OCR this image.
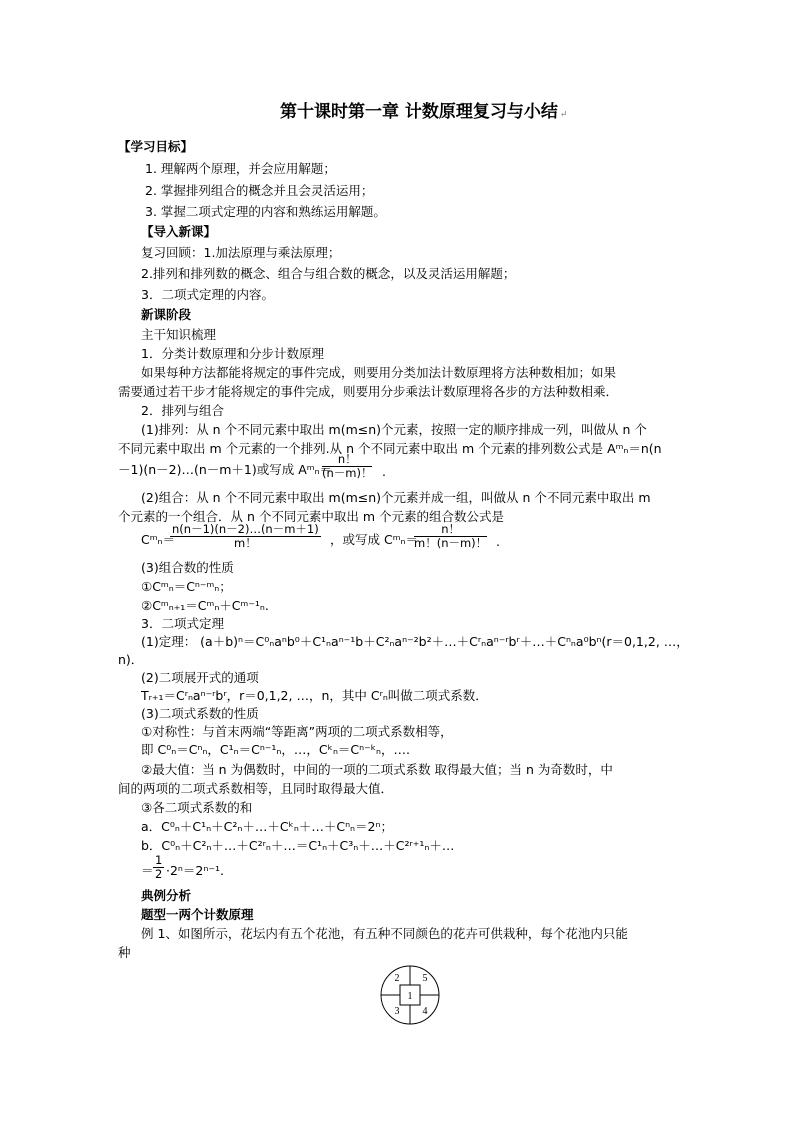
第十课时第一章 计数原理复习与小结 ↵
【学习目标】
1. 理解两个原理，并会应用解题；
2. 掌握排列组合的概念并且会灵活运用；
3. 掌握二项式定理的内容和熟练运用解题。
【导入新课】
复习回顾：1.加法原理与乘法原理；
2.排列和排列数的概念、组合与组合数的概念，以及灵活运用解题；
3．二项式定理的内容。
新课阶段
主干知识梳理
1．分类计数原理和分步计数原理
如果每种方法都能将规定的事件完成，则要用分类加法计数原理将方法种数相加；如果
需要通过若干步才能将规定的事件完成，则要用分步乘法计数原理将各步的方法种数相乘．
2．排列与组合
(1)排列：从 n 个不同元素中取出 m(m≤n)个元素，按照一定的顺序排成一列，叫做从 n 个
不同元素中取出 m 个元素的一个排列.从 n 个不同元素中取出 m 个元素的排列数公式是 Aᵐₙ＝n(n
－1)(n－2)…(n－m＋1)或写成 Aᵐₙ＝
$\frac{n!}{(n-m)!}$ .
(2)组合：从 n 个不同元素中取出 m(m≤n)个元素并成一组，叫做从 n 个不同元素中取出 m
个元素的一个组合．从 n 个不同元素中取出 m 个元素的组合数公式是
Cᵐₙ＝
$\frac{n(n-1)(n-2)\dots(n-m+1)}{m!}$ ，或写成 Cᵐₙ＝
$\frac{n!}{m!(n-m)!}$ .
(3)组合数的性质
①Cᵐₙ＝Cⁿ⁻ᵐₙ；
②Cᵐₙ₊₁＝Cᵐₙ＋Cᵐ⁻¹ₙ.
3．二项式定理
(1)定理： (a＋b)ⁿ＝C⁰ₙaⁿb⁰＋C¹ₙaⁿ⁻¹b＋C²ₙaⁿ⁻²b²＋…＋Cʳₙaⁿ⁻ʳbʳ＋…＋Cⁿₙa⁰bⁿ(r＝0,1,2, …，
n)．
(2)二项展开式的通项
Tᵣ₊₁＝Cʳₙaⁿ⁻ʳbʳ，r＝0,1,2, …，n，其中 Cʳₙ叫做二项式系数．
(3)二项式系数的性质
①对称性：与首末两端“等距离”两项的二项式系数相等，
即 C⁰ₙ＝Cⁿₙ，C¹ₙ＝Cⁿ⁻¹ₙ，…，Cᵏₙ＝Cⁿ⁻ᵏₙ，….
②最大值：当 n 为偶数时，中间的一项的二项式系数 取得最大值；当 n 为奇数时，中
间的两项的二项式系数相等，且同时取得最大值．
③各二项式系数的和
a．C⁰ₙ＋C¹ₙ＋C²ₙ＋…＋Cᵏₙ＋…＋Cⁿₙ＝2ⁿ；
b．C⁰ₙ＋C²ₙ＋…＋C²ʳₙ＋…＝C¹ₙ＋C³ₙ＋…＋C²ʳ⁺¹ₙ＋…
＝ $\frac{1}{2} \cdot 2^n=2^{n-1}$.
典例分析
题型一两个计数原理
例 1、如图所示，花坛内有五个花池，有五种不同颜色的花卉可供栽种，每个花池内只能
种
1
2
3 4
5
